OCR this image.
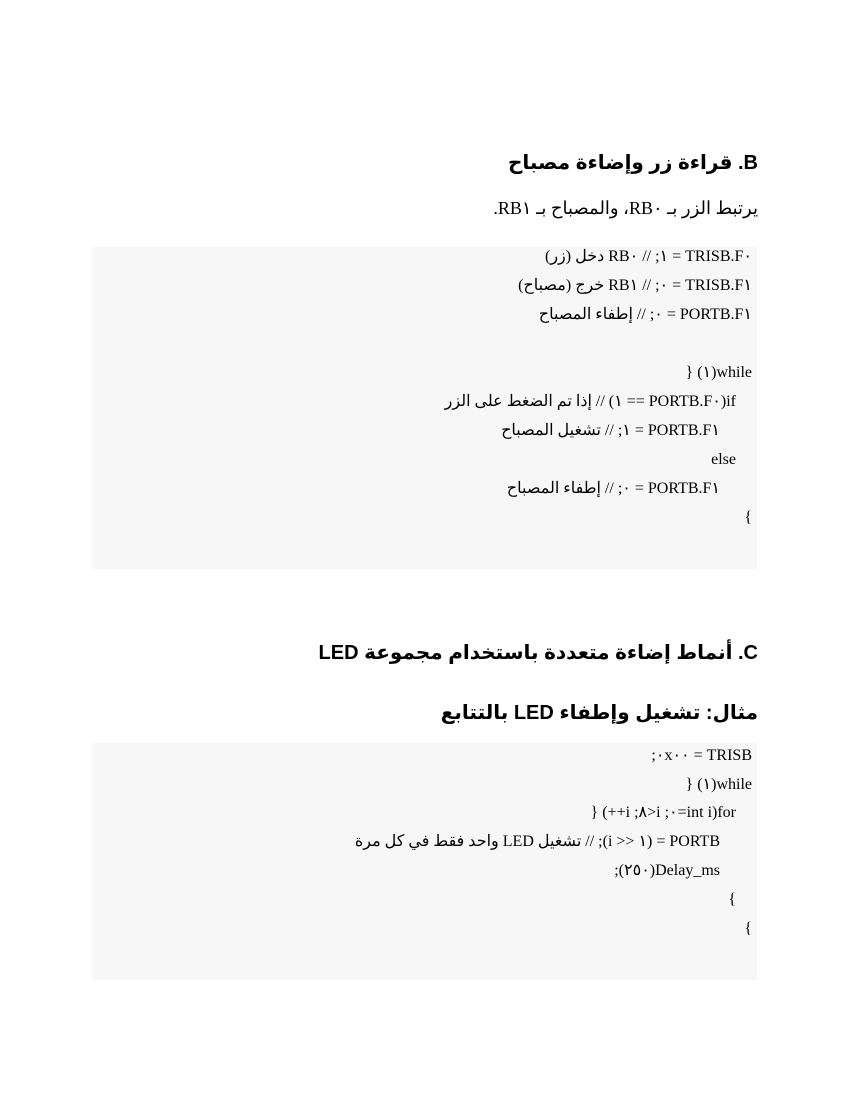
B. قراءة زر وإضاءة مصباح
يرتبط الزر بـ RB٠، والمصباح بـ RB١.
TRISB.F٠ = ١; // RB٠ دخل (زر)
TRISB.F١ = ٠; // RB١ خرج (مصباح)
PORTB.F١ = ٠; // إطفاء المصباح
while(١) {
if(PORTB.F٠ == ١) // إذا تم الضغط على الزر
PORTB.F١ = ١; // تشغيل المصباح
else
PORTB.F١ = ٠; // إطفاء المصباح
}
C. أنماط إضاءة متعددة باستخدام مجموعة LED
مثال: تشغيل وإطفاء LED بالتتابع
TRISB = ٠x٠٠;
while(١) {
for(int i=٠; i<٨; i++) {
PORTB = (١ << i); // تشغيل LED واحد فقط في كل مرة
Delay_ms(٢٥٠);
}
}
